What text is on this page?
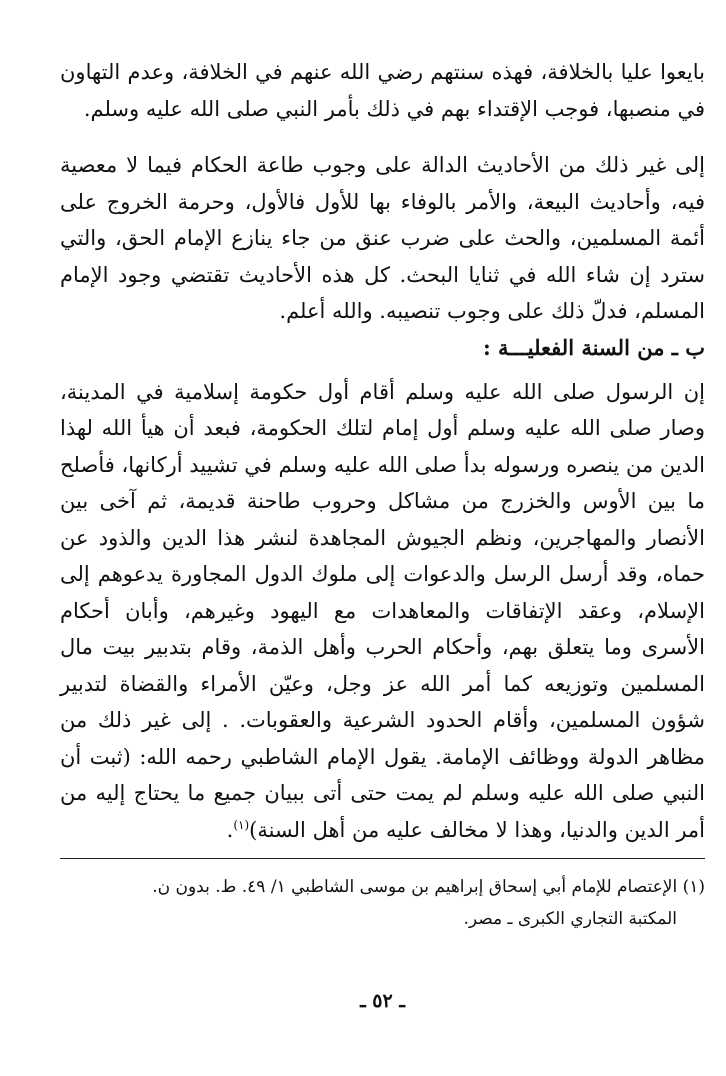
بايعوا عليا بالخلافة، فهذه سنتهم رضي الله عنهم في الخلافة، وعدم التهاون في منصبها، فوجب الإقتداء بهم في ذلك بأمر النبي صلى الله عليه وسلم.

إلى غير ذلك من الأحاديث الدالة على وجوب طاعة الحكام فيما لا معصية فيه، وأحاديث البيعة، والأمر بالوفاء بها للأول فالأول، وحرمة الخروج على أئمة المسلمين، والحث على ضرب عنق من جاء ينازع الإمام الحق، والتي سترد إن شاء الله في ثنايا البحث. كل هذه الأحاديث تقتضي وجود الإمام المسلم، فدلّ ذلك على وجوب تنصيبه. والله أعلم.

ب ـ من السنة الفعليـــة :

إن الرسول صلى الله عليه وسلم أقام أول حكومة إسلامية في المدينة، وصار صلى الله عليه وسلم أول إمام لتلك الحكومة، فبعد أن هيأ الله لهذا الدين من ينصره ورسوله بدأ صلى الله عليه وسلم في تشييد أركانها، فأصلح ما بين الأوس والخزرج من مشاكل وحروب طاحنة قديمة، ثم آخى بين الأنصار والمهاجرين، ونظم الجيوش المجاهدة لنشر هذا الدين والذود عن حماه، وقد أرسل الرسل والدعوات إلى ملوك الدول المجاورة يدعوهم إلى الإسلام، وعقد الإتفاقات والمعاهدات مع اليهود وغيرهم، وأبان أحكام الأسرى وما يتعلق بهم، وأحكام الحرب وأهل الذمة، وقام بتدبير بيت مال المسلمين وتوزيعه كما أمر الله عز وجل، وعيّن الأمراء والقضاة لتدبير شؤون المسلمين، وأقام الحدود الشرعية والعقوبات. . إلى غير ذلك من مظاهر الدولة ووظائف الإمامة. يقول الإمام الشاطبي رحمه الله: (ثبت أن النبي صلى الله عليه وسلم لم يمت حتى أتى ببيان جميع ما يحتاج إليه من أمر الدين والدنيا، وهذا لا مخالف عليه من أهل السنة)$^{(١)}$.

(١) الإعتصام للإمام أبي إسحاق إبراهيم بن موسى الشاطبي ١/ ٤٩. ط. بدون ن.
المكتبة التجاري الكبرى ـ مصر.

ـ ٥٢ ـ
